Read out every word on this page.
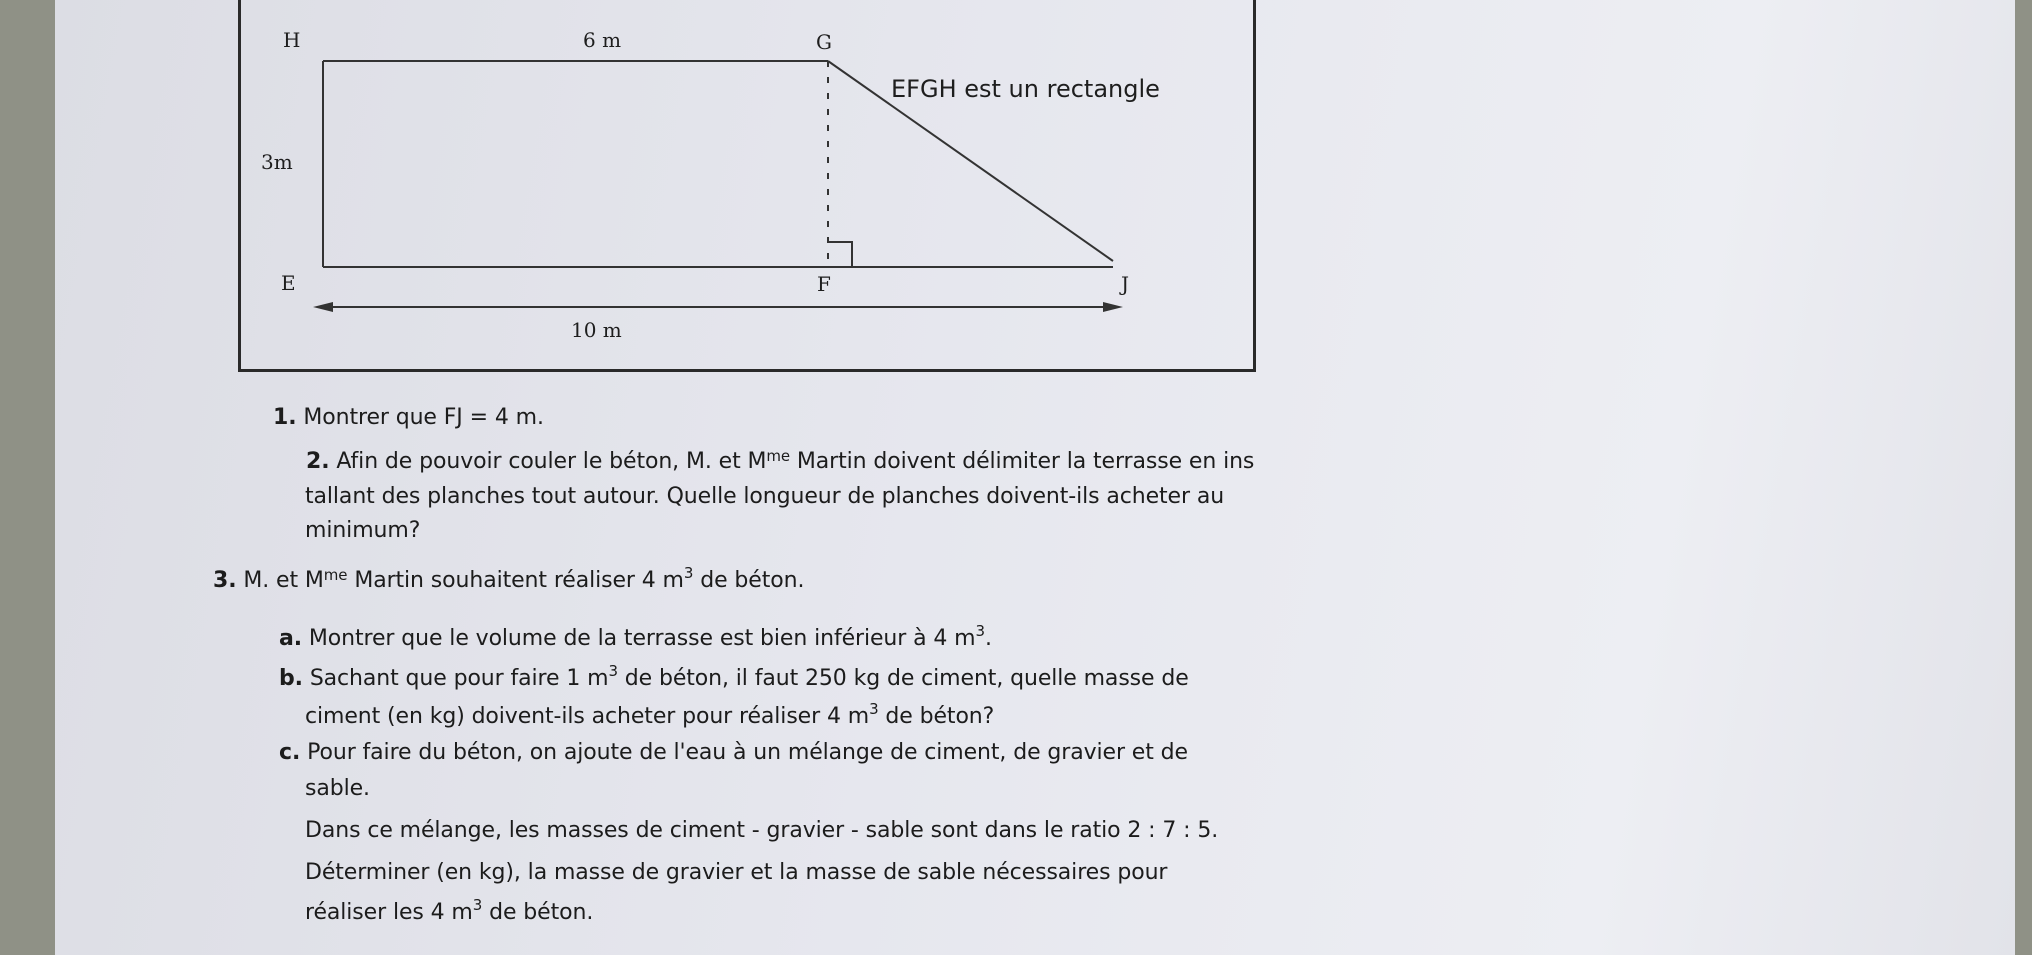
H	6 m	G
EFGH est un rectangle
3m
E	F	J
10 m
1. Montrer que FJ = 4 m.
2. Afin de pouvoir couler le béton, M. et $M^{me}$ Martin doivent délimiter la terrasse en ins
tallant des planches tout autour. Quelle longueur de planches doivent-ils acheter au
minimum?
3. M. et $M^{me}$ Martin souhaitent réaliser 4 $m^3$ de béton.
a. Montrer que le volume de la terrasse est bien inférieur à 4 $m^3$.
b. Sachant que pour faire 1 $m^3$ de béton, il faut 250 kg de ciment, quelle masse de
ciment (en kg) doivent-ils acheter pour réaliser 4 $m^3$ de béton?
c. Pour faire du béton, on ajoute de l'eau à un mélange de ciment, de gravier et de
sable.
Dans ce mélange, les masses de ciment - gravier - sable sont dans le ratio 2 : 7 : 5.
Déterminer (en kg), la masse de gravier et la masse de sable nécessaires pour
réaliser les 4 $m^3$ de béton.
